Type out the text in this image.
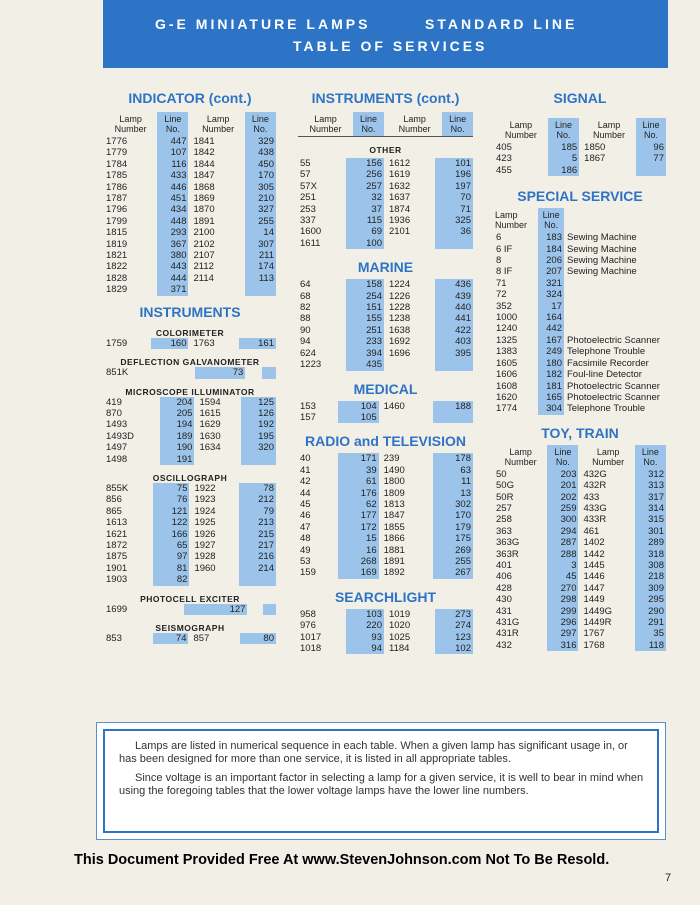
G-E MINIATURE LAMPS	STANDARD LINE
TABLE OF SERVICES
INDICATOR (cont.)
Lamp
Number	Line
No.		Lamp
Number	Line
No.
1776	447		1841	329
1779	107		1842	438
1784	116		1844	450
1785	433		1847	170
1786	446		1868	305
1787	451		1869	210
1796	434		1870	327
1799	448		1891	255
1815	293		2100	14
1819	367		2102	307
1821	380		2107	211
1822	443		2112	174
1828	444		2114	113
1829	371			
INSTRUMENTS
COLORIMETER
1759	160		1763	161
DEFLECTION GALVANOMETER
851K	73			
MICROSCOPE ILLUMINATOR
419	204		1594	125
870	205		1615	126
1493	194		1629	192
1493D	189		1630	195
1497	190		1634	320
1498	191			
OSCILLOGRAPH
855K	75		1922	78
856	76		1923	212
865	121		1924	79
1613	122		1925	213
1621	166		1926	215
1872	65		1927	217
1875	97		1928	216
1901	81		1960	214
1903	82			
PHOTOCELL EXCITER
1699	127			
SEISMOGRAPH
853	74		857	80
INSTRUMENTS (cont.)
Lamp
Number	Line
No.		Lamp
Number	Line
No.
OTHER
55	156		1612	101
57	256		1619	196
57X	257		1632	197
251	32		1637	70
253	37		1874	71
337	115		1936	325
1600	69		2101	36
1611	100			
MARINE
64	158		1224	436
68	254		1226	439
82	151		1228	440
88	155		1238	441
90	251		1638	422
94	233		1692	403
624	394		1696	395
1223	435			
MEDICAL
153	104		1460	188
157	105			
RADIO and TELEVISION
40	171		239	178
41	39		1490	63
42	61		1800	11
44	176		1809	13
45	62		1813	302
46	177		1847	170
47	172		1855	179
48	15		1866	175
49	16		1881	269
53	268		1891	255
159	169		1892	267
SEARCHLIGHT
958	103		1019	273
976	220		1020	274
1017	93		1025	123
1018	94		1184	102
SIGNAL
Lamp
Number	Line
No.		Lamp
Number	Line
No.
405	185		1850	96
423	5		1867	77
455	186			
SPECIAL SERVICE
Lamp
Number	Line
No.	
6	183	Sewing Machine
6 IF	184	Sewing Machine
8	206	Sewing Machine
8 IF	207	Sewing Machine
71	321	
72	324	
352	17	
1000	164	
1240	442	
1325	167	Photoelectric Scanner
1383	249	Telephone Trouble
1605	180	Facsimile Recorder
1606	182	Foul-line Detector
1608	181	Photoelectric Scanner
1620	165	Photoelectric Scanner
1774	304	Telephone Trouble
TOY, TRAIN
Lamp
Number	Line
No.		Lamp
Number	Line
No.
50	203		432G	312
50G	201		432R	313
50R	202		433	317
257	259		433G	314
258	300		433R	315
363	294		461	301
363G	287		1402	289
363R	288		1442	318
401	3		1445	308
406	45		1446	218
428	270		1447	309
430	298		1449	295
431	299		1449G	290
431G	296		1449R	291
431R	297		1767	35
432	316		1768	118

Lamps are listed in numerical sequence in each table. When a given lamp has significant usage in, or has been designed for more than one service, it is listed in all appropriate tables.

Since voltage is an important factor in selecting a lamp for a given service, it is well to bear in mind when using the foregoing tables that the lower voltage lamps have the lower line numbers.

This Document Provided Free At www.StevenJohnson.com Not To Be Resold.
7
